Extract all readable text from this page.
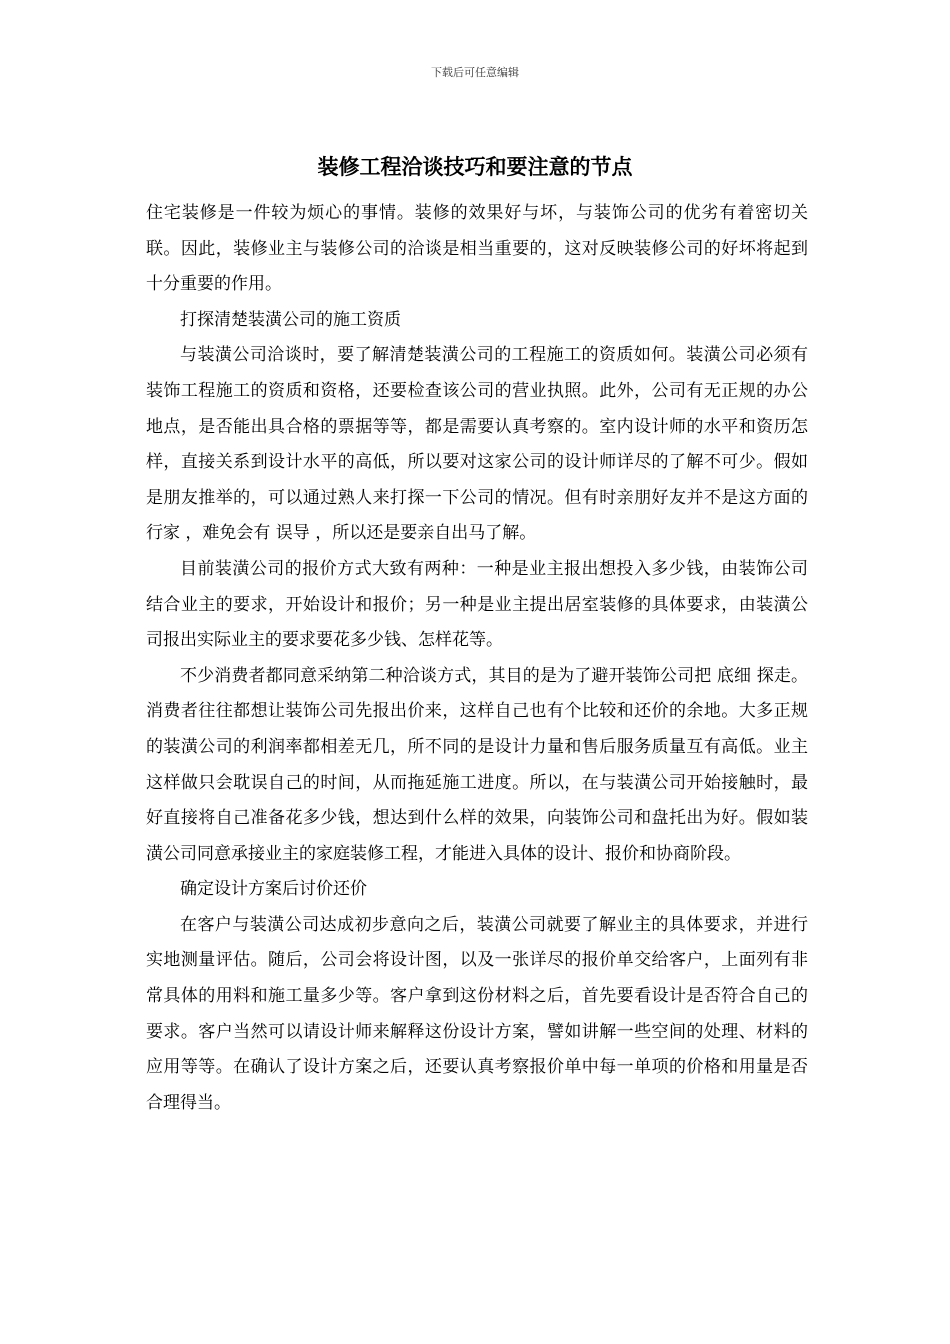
下载后可任意编辑
装修工程洽谈技巧和要注意的节点

住宅装修是一件较为烦心的事情。装修的效果好与坏，与装饰公司的优劣有着密切关联。因此，装修业主与装修公司的洽谈是相当重要的，这对反映装修公司的好坏将起到十分重要的作用。

打探清楚装潢公司的施工资质

与装潢公司洽谈时，要了解清楚装潢公司的工程施工的资质如何。装潢公司必须有装饰工程施工的资质和资格，还要检查该公司的营业执照。此外，公司有无正规的办公地点，是否能出具合格的票据等等，都是需要认真考察的。室内设计师的水平和资历怎样，直接关系到设计水平的高低，所以要对这家公司的设计师详尽的了解不可少。假如是朋友推举的，可以通过熟人来打探一下公司的情况。但有时亲朋好友并不是这方面的 行家 ，难免会有 误导 ，所以还是要亲自出马了解。

目前装潢公司的报价方式大致有两种：一种是业主报出想投入多少钱，由装饰公司结合业主的要求，开始设计和报价；另一种是业主提出居室装修的具体要求，由装潢公司报出实际业主的要求要花多少钱、怎样花等。

不少消费者都同意采纳第二种洽谈方式，其目的是为了避开装饰公司把 底细 探走。消费者往往都想让装饰公司先报出价来，这样自己也有个比较和还价的余地。大多正规的装潢公司的利润率都相差无几，所不同的是设计力量和售后服务质量互有高低。业主这样做只会耽误自己的时间，从而拖延施工进度。所以，在与装潢公司开始接触时，最好直接将自己准备花多少钱，想达到什么样的效果，向装饰公司和盘托出为好。假如装潢公司同意承接业主的家庭装修工程，才能进入具体的设计、报价和协商阶段。

确定设计方案后讨价还价

在客户与装潢公司达成初步意向之后，装潢公司就要了解业主的具体要求，并进行实地测量评估。随后，公司会将设计图，以及一张详尽的报价单交给客户，上面列有非常具体的用料和施工量多少等。客户拿到这份材料之后，首先要看设计是否符合自己的要求。客户当然可以请设计师来解释这份设计方案，譬如讲解一些空间的处理、材料的应用等等。在确认了设计方案之后，还要认真考察报价单中每一单项的价格和用量是否合理得当。
